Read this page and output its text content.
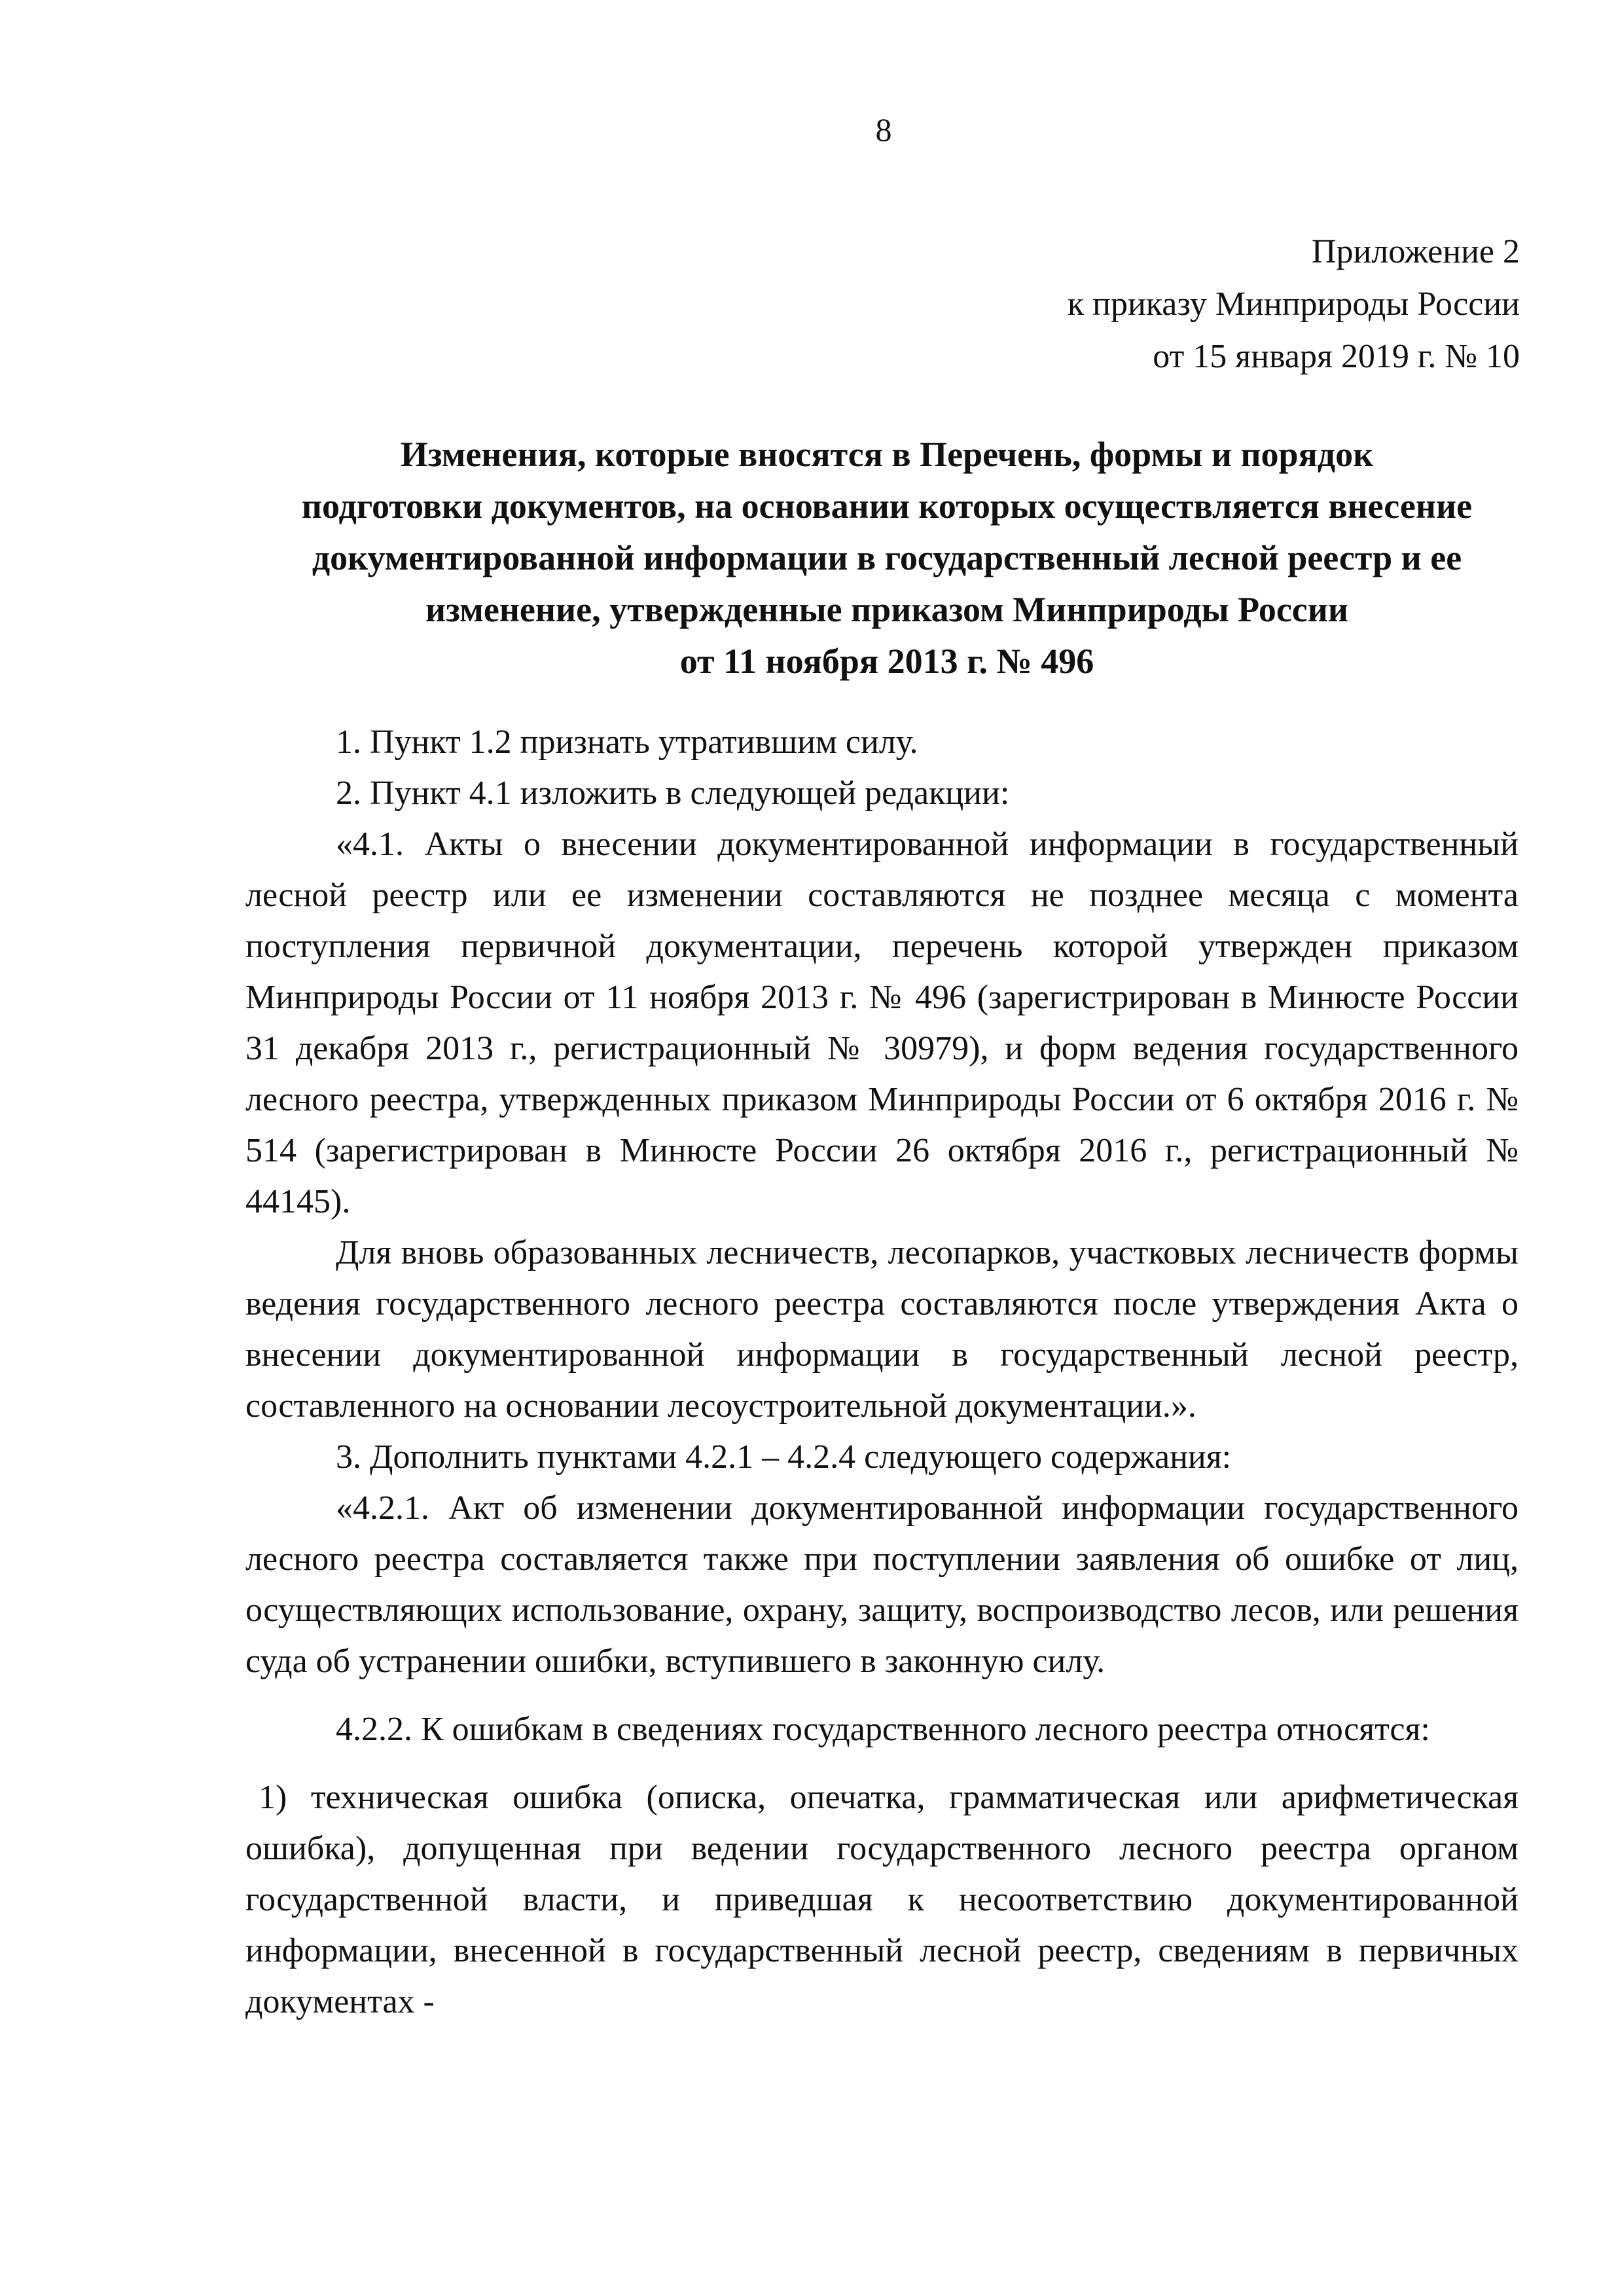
8
Приложение 2
к приказу Минприроды России
от 15 января 2019 г. № 10
Изменения, которые вносятся в Перечень, формы и порядок
подготовки документов, на основании которых осуществляется внесение
документированной информации в государственный лесной реестр и ее
изменение, утвержденные приказом Минприроды России
от 11 ноября 2013 г. № 496

1. Пункт 1.2 признать утратившим силу.

2. Пункт 4.1 изложить в следующей редакции:

«4.1. Акты о внесении документированной информации в государственный лесной реестр или ее изменении составляются не позднее месяца с момента поступления первичной документации, перечень которой утвержден приказом Минприроды России от 11 ноября 2013 г. № 496 (зарегистрирован в Минюсте России 31 декабря 2013 г., регистрационный № 30979), и форм ведения государственного лесного реестра, утвержденных приказом Минприроды России от 6 октября 2016 г. № 514 (зарегистрирован в Минюсте России 26 октября 2016 г., регистрационный № 44145).

Для вновь образованных лесничеств, лесопарков, участковых лесничеств формы ведения государственного лесного реестра составляются после утверждения Акта о внесении документированной информации в государственный лесной реестр, составленного на основании лесоустроительной документации.».

3. Дополнить пунктами 4.2.1 – 4.2.4 следующего содержания:

«4.2.1. Акт об изменении документированной информации государственного лесного реестра составляется также при поступлении заявления об ошибке от лиц, осуществляющих использование, охрану, защиту, воспроизводство лесов, или решения суда об устранении ошибки, вступившего в законную силу.

4.2.2. К ошибкам в сведениях государственного лесного реестра относятся:

1) техническая ошибка (описка, опечатка, грамматическая или арифметическая ошибка), допущенная при ведении государственного лесного реестра органом государственной власти, и приведшая к несоответствию документированной информации, внесенной в государственный лесной реестр, сведениям в первичных документах -
